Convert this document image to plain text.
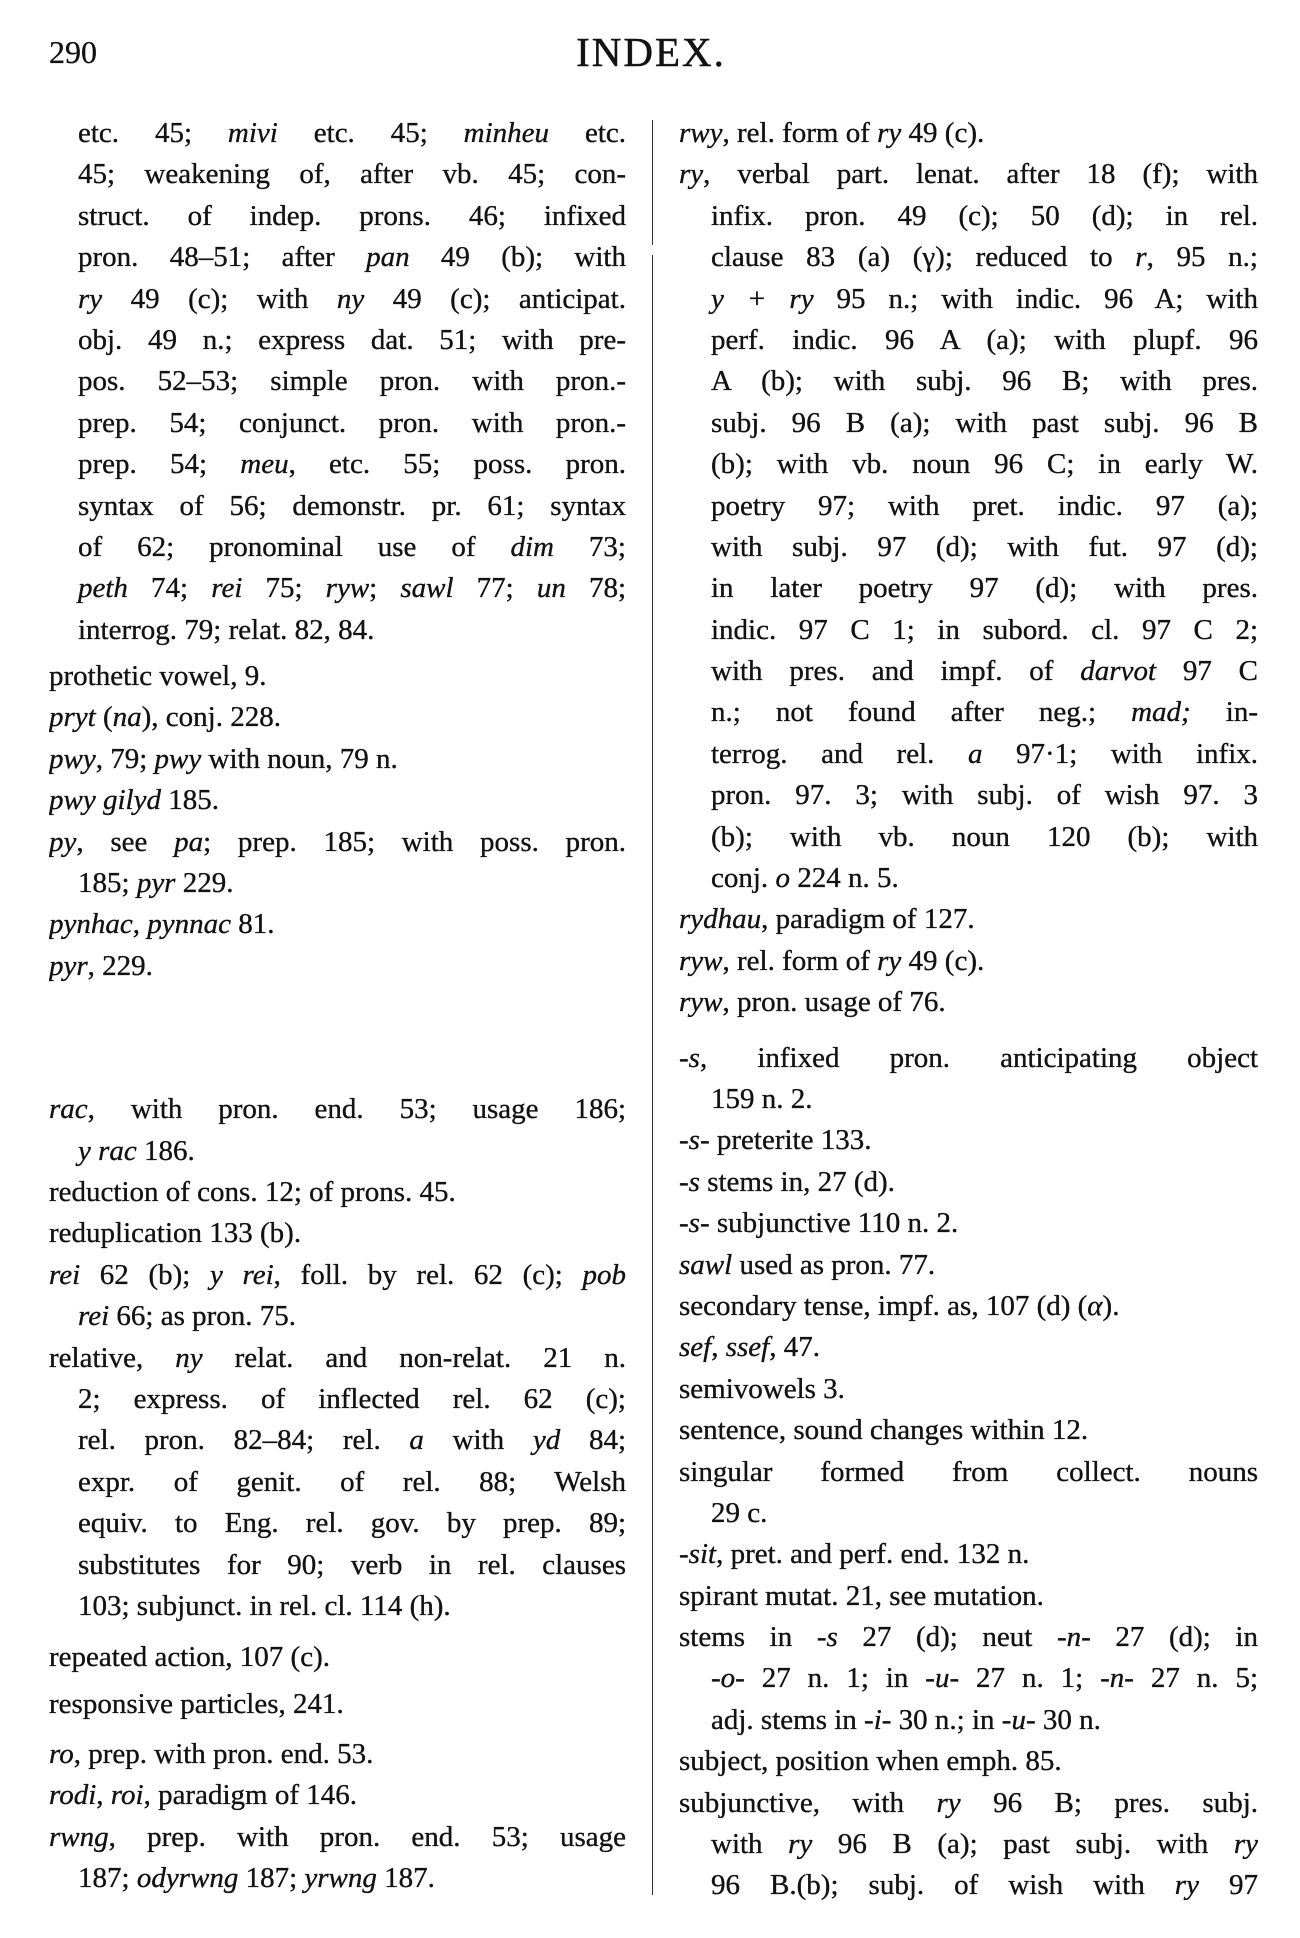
290	INDEX.
etc. 45; mivi etc. 45; minheu etc.
45; weakening of, after vb. 45; con-
struct. of indep. prons. 46; infixed
pron. 48–51; after pan 49 (b); with
ry 49 (c); with ny 49 (c); anticipat.
obj. 49 n.; express dat. 51; with pre-
pos. 52–53; simple pron. with pron.-
prep. 54; conjunct. pron. with pron.-
prep. 54; meu, etc. 55; poss. pron.
syntax of 56; demonstr. pr. 61; syntax
of 62; pronominal use of dim 73;
peth 74; rei 75; ryw; sawl 77; un 78;
interrog. 79; relat. 82, 84.
prothetic vowel, 9.
pryt (na), conj. 228.
pwy, 79; pwy with noun, 79 n.
pwy gilyd 185.
py, see pa; prep. 185; with poss. pron.
185; pyr 229.
pynhac, pynnac 81.
pyr, 229.
rac, with pron. end. 53; usage 186;
y rac 186.
reduction of cons. 12; of prons. 45.
reduplication 133 (b).
rei 62 (b); y rei, foll. by rel. 62 (c); pob
rei 66; as pron. 75.
relative, ny relat. and non-relat. 21 n.
2; express. of inflected rel. 62 (c);
rel. pron. 82–84; rel. a with yd 84;
expr. of genit. of rel. 88; Welsh
equiv. to Eng. rel. gov. by prep. 89;
substitutes for 90; verb in rel. clauses
103; subjunct. in rel. cl. 114 (h).
repeated action, 107 (c).
responsive particles, 241.
ro, prep. with pron. end. 53.
rodi, roi, paradigm of 146.
rwng, prep. with pron. end. 53; usage
187; odyrwng 187; yrwng 187.
rwy, rel. form of ry 49 (c).
ry, verbal part. lenat. after 18 (f); with
infix. pron. 49 (c); 50 (d); in rel.
clause 83 (a) (γ); reduced to r, 95 n.;
y + ry 95 n.; with indic. 96 A; with
perf. indic. 96 A (a); with plupf. 96
A (b); with subj. 96 B; with pres.
subj. 96 B (a); with past subj. 96 B
(b); with vb. noun 96 C; in early W.
poetry 97; with pret. indic. 97 (a);
with subj. 97 (d); with fut. 97 (d);
in later poetry 97 (d); with pres.
indic. 97 C 1; in subord. cl. 97 C 2;
with pres. and impf. of darvot 97 C
n.; not found after neg.; mad; in-
terrog. and rel. a 97·1; with infix.
pron. 97. 3; with subj. of wish 97. 3
(b); with vb. noun 120 (b); with
conj. o 224 n. 5.
rydhau, paradigm of 127.
ryw, rel. form of ry 49 (c).
ryw, pron. usage of 76.
-s, infixed pron. anticipating object
159 n. 2.
-s- preterite 133.
-s stems in, 27 (d).
-s- subjunctive 110 n. 2.
sawl used as pron. 77.
secondary tense, impf. as, 107 (d) (α).
sef, ssef, 47.
semivowels 3.
sentence, sound changes within 12.
singular formed from collect. nouns
29 c.
-sit, pret. and perf. end. 132 n.
spirant mutat. 21, see mutation.
stems in -s 27 (d); neut -n- 27 (d); in
-o- 27 n. 1; in -u- 27 n. 1; -n- 27 n. 5;
adj. stems in -i- 30 n.; in -u- 30 n.
subject, position when emph. 85.
subjunctive, with ry 96 B; pres. subj.
with ry 96 B (a); past subj. with ry
96 B.(b); subj. of wish with ry 97
